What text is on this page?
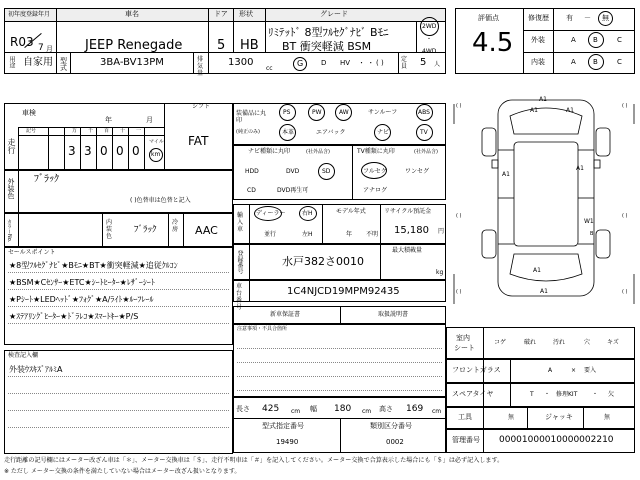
初年度登録年月	車名	ドア 形状	グレード
R03 7 月 JEEP Renegade	5 HB
ﾘﾐﾃｯﾄﾞ 8型ﾌﾙｾｸﾞﾅﾋﾞ Bﾓﾆ
BT 衝突軽減 BSM
2WD
・
4WD
用途 自家用 型式	3BA-BV13PM	排気量
1300
cc
G	D HV ・ ・ ( )	定員 5 人
評価点
4.5
修復歴 有 － 無
外装	A B	C
内装	A B	C
車検
年	月
走行
記号	万 千 百 十 一
3 3 0 0 0
マイル
km
シフト
FAT
外装色 ﾌﾞﾗｯｸ
( )色替車は色替と記入
カラーNo.	内装色
ﾌﾞﾗｯｸ
冷房 AAC
セールスポイント
★8型ﾌﾙｾｸﾞﾅﾋﾞ★Bﾓﾆ★BT★衝突軽減★追従ｸﾙｺﾝ
★BSM★Cｾﾝｻｰ★ETC★ｼｰﾄﾋｰﾀｰ★ﾚｻﾞｰｼｰﾄ
★Pｼｰﾄ★LEDﾍｯﾄﾞ★ﾌｫｸﾞ★A/ﾗｲﾄ★ﾙｰﾌﾚｰﾙ
★ｽﾃｱﾘﾝｸﾞﾋｰﾀｰ★ﾄﾞﾗﾚｺ★ｽﾏｰﾄｷｰ★P/S
検査記入欄
外装ｳｽｷｽﾞｱﾙﾐA
装備品に丸印
(純正のみ)
PS	PW	AW	サンルーフ	ABS
本革	エアバック	ナビ	TV
ナビ種類に丸印	(社外品含)
HDD	DVD	SD
CD	DVD再生可
TV種類に丸印	(社外品含)
フルセグ	ワンセグ
アナログ
輸入車
ディーラー	右H
並行	左H
モデル年式
年 不明
リサイクル預託金
15,180 円
最大積載量
kg
登録番号	水戸382さ0010
車台番号
1C4NJCD19MPM92435
新車保証書	取扱説明書
注意事項・不具合箇所
長さ 425 cm 幅 180 cm 高さ 169 cm
型式指定番号
19490
類別区分番号
0002
( )	( )
( )	( )
( )	( )
A1
A1	A1
A1
A1
A1
A1
W1
B
室内
シート
コゲ	破れ	汚れ	穴	キズ
フロントガラス	A	× 要入
スペアタイヤ	T ・ 修理KIT ・ 欠
工具	無	ジャッキ	無
管理番号 00001000010000002210
走行距離の記号欄にはメーター改ざん車は「＊」、メーター交換車は「＄」、走行不明車は「＃」を記入してください。メーター交換で合算表示した場合にも「＄」は必ず記入します。
※ ただし メーター交換の条件を満たしていない場合はメーター改ざん扱いとなります。
